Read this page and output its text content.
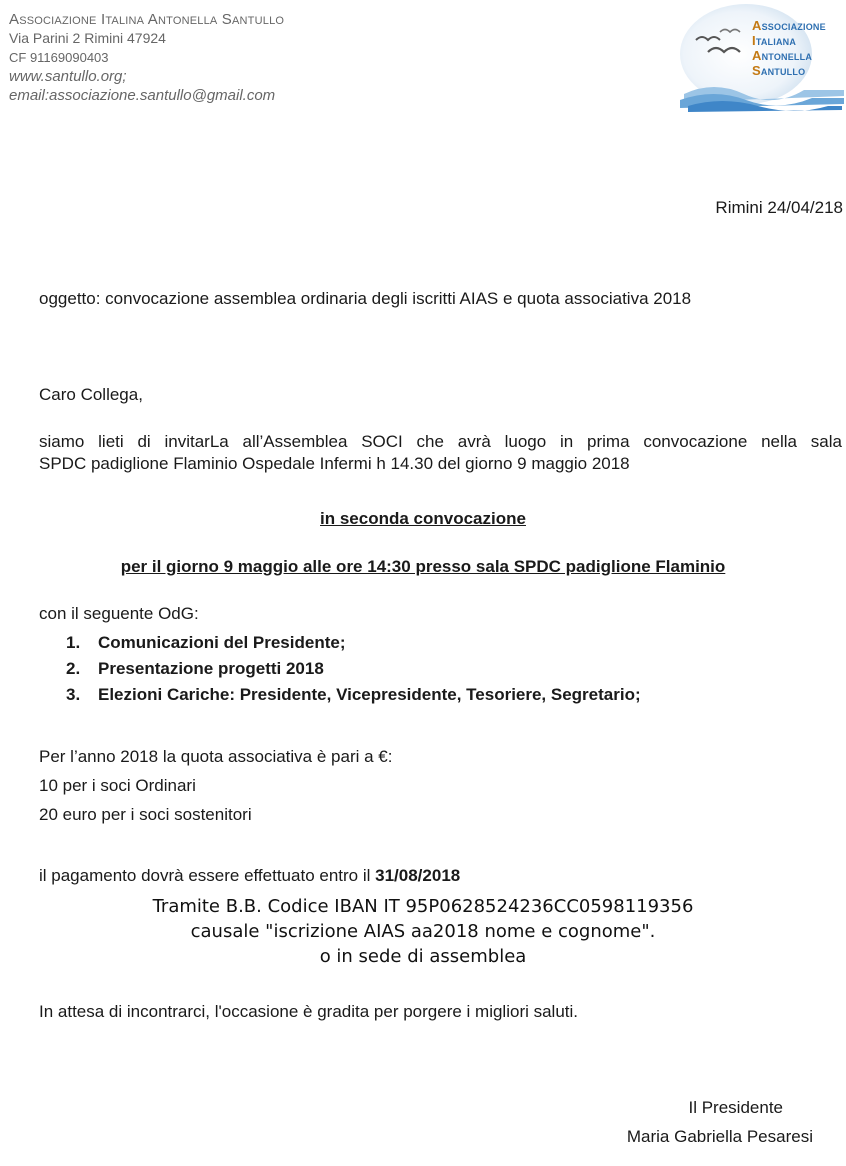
Associazione Italina Antonella Santullo
Via Parini 2 Rimini 47924
CF 91169090403
www.santullo.org;
email:associazione.santullo@gmail.com
Associazione
Italiana
Antonella
Santullo
Rimini 24/04/218
oggetto: convocazione assemblea ordinaria degli iscritti AIAS e quota associativa 2018
Caro Collega,
siamo lieti di invitarLa all’Assemblea SOCI che avrà luogo in prima convocazione nella sala
SPDC padiglione Flaminio Ospedale Infermi h 14.30 del giorno 9 maggio 2018
in seconda convocazione
per il giorno 9 maggio alle ore 14:30 presso sala SPDC padiglione Flaminio
con il seguente OdG:
1. Comunicazioni del Presidente;
2. Presentazione progetti 2018
3. Elezioni Cariche: Presidente, Vicepresidente, Tesoriere, Segretario;
Per l’anno 2018 la quota associativa è pari a €:
10 per i soci Ordinari
20 euro per i soci sostenitori
il pagamento dovrà essere effettuato entro il 31/08/2018
Tramite B.B. Codice IBAN IT 95P0628524236CC0598119356
causale "iscrizione AIAS aa2018 nome e cognome".
o in sede di assemblea
In attesa di incontrarci, l'occasione è gradita per porgere i migliori saluti.
Il Presidente
Maria Gabriella Pesaresi
